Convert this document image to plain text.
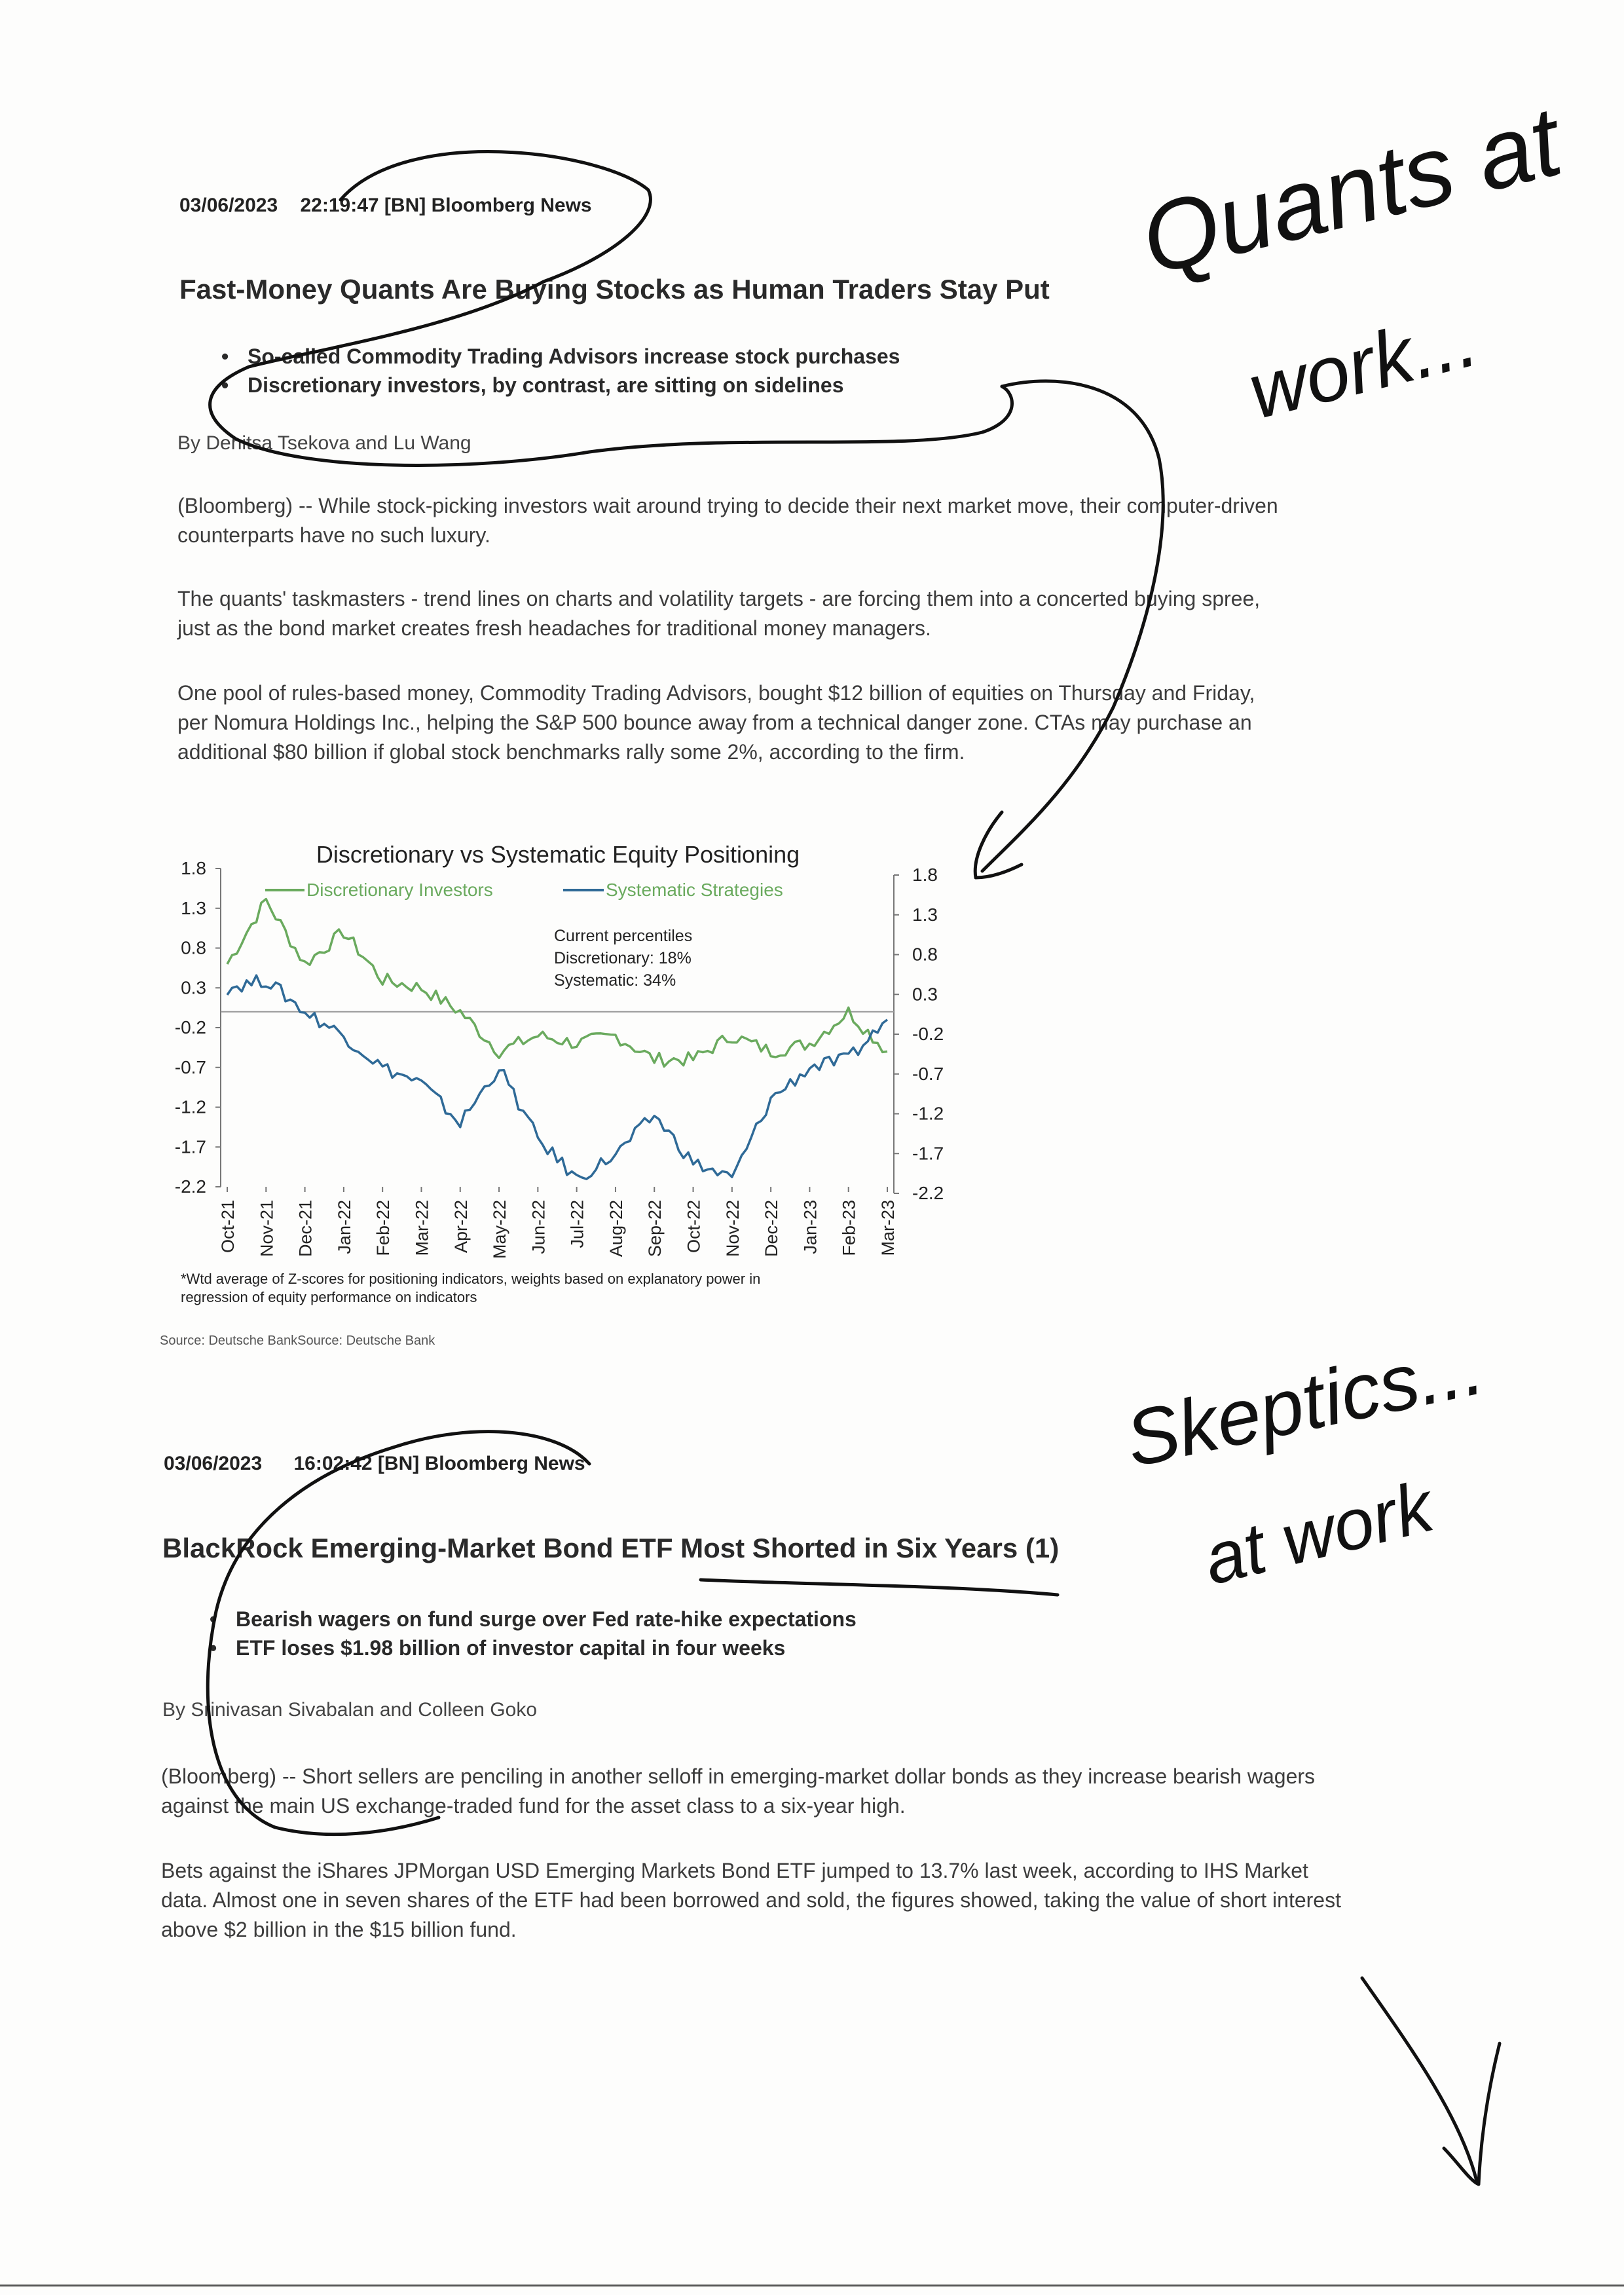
03/06/2023 22:19:47 [BN] Bloomberg News
Fast-Money Quants Are Buying Stocks as Human Traders Stay Put
• So-called Commodity Trading Advisors increase stock purchases
• Discretionary investors, by contrast, are sitting on sidelines
By Denitsa Tsekova and Lu Wang

(Bloomberg) -- While stock-picking investors wait around trying to decide their next market move, their computer-driven counterparts have no such luxury.

The quants' taskmasters - trend lines on charts and volatility targets - are forcing them into a concerted buying spree, just as the bond market creates fresh headaches for traditional money managers.

One pool of rules-based money, Commodity Trading Advisors, bought $12 billion of equities on Thursday and Friday, per Nomura Holdings Inc., helping the S&P 500 bounce away from a technical danger zone. CTAs may purchase an additional $80 billion if global stock benchmarks rally some 2%, according to the firm.

Discretionary vs Systematic Equity Positioning
Discretionary Investors	Systematic Strategies
Current percentiles
Discretionary: 18%
Systematic: 34%
1.8	1.8
1.3	1.3
0.8	0.8
0.3	0.3
-0.2	-0.2
-0.7	-0.7
-1.2	-1.2
-1.7	-1.7
-2.2	-2.2
Oct-21 Nov-21 Dec-21 Jan-22 Feb-22 Mar-22 Apr-22 May-22 Jun-22 Jul-22 Aug-22 Sep-22 Oct-22 Nov-22 Dec-22 Jan-23 Feb-23 Mar-23
*Wtd average of Z-scores for positioning indicators, weights based on explanatory power in
regression of equity performance on indicators
Source: Deutsche BankSource: Deutsche Bank
03/06/2023 16:02:42 [BN] Bloomberg News
BlackRock Emerging-Market Bond ETF Most Shorted in Six Years (1)
• Bearish wagers on fund surge over Fed rate-hike expectations
• ETF loses $1.98 billion of investor capital in four weeks
By Srinivasan Sivabalan and Colleen Goko

(Bloomberg) -- Short sellers are penciling in another selloff in emerging-market dollar bonds as they increase bearish wagers against the main US exchange-traded fund for the asset class to a six-year high.

Bets against the iShares JPMorgan USD Emerging Markets Bond ETF jumped to 13.7% last week, according to IHS Market data. Almost one in seven shares of the ETF had been borrowed and sold, the figures showed, taking the value of short interest above $2 billion in the $15 billion fund.

Quants at
work...
Skeptics...
at work
